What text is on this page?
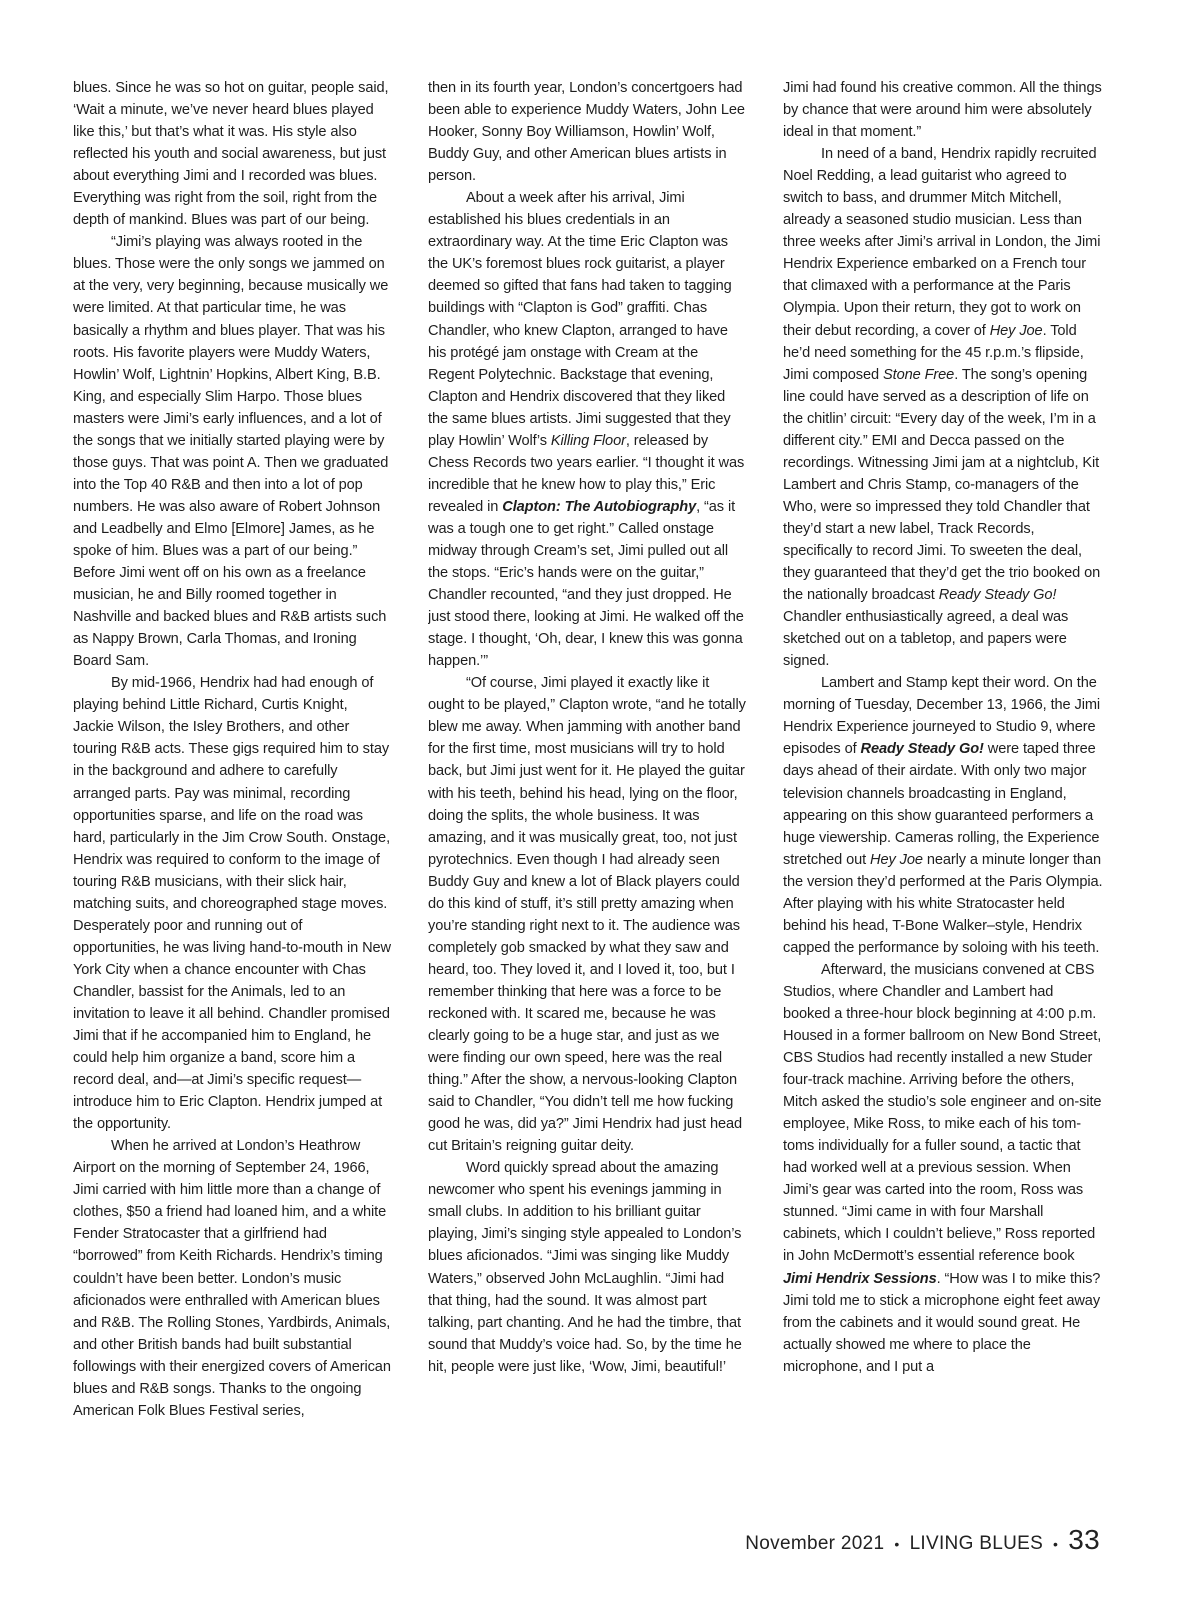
blues. Since he was so hot on guitar, people said, ‘Wait a minute, we’ve never heard blues played like this,’ but that’s what it was. His style also reflected his youth and social awareness, but just about everything Jimi and I recorded was blues. Everything was right from the soil, right from the depth of mankind. Blues was part of our being.

“Jimi’s playing was always rooted in the blues. Those were the only songs we jammed on at the very, very beginning, because musically we were limited. At that particular time, he was basically a rhythm and blues player. That was his roots. His favorite players were Muddy Waters, Howlin’ Wolf, Lightnin’ Hopkins, Albert King, B.B. King, and especially Slim Harpo. Those blues masters were Jimi’s early influences, and a lot of the songs that we initially started playing were by those guys. That was point A. Then we graduated into the Top 40 R&B and then into a lot of pop numbers. He was also aware of Robert Johnson and Leadbelly and Elmo [Elmore] James, as he spoke of him. Blues was a part of our being.” Before Jimi went off on his own as a freelance musician, he and Billy roomed together in Nashville and backed blues and R&B artists such as Nappy Brown, Carla Thomas, and Ironing Board Sam.

By mid-1966, Hendrix had had enough of playing behind Little Richard, Curtis Knight, Jackie Wilson, the Isley Brothers, and other touring R&B acts. These gigs required him to stay in the background and adhere to carefully arranged parts. Pay was minimal, recording opportunities sparse, and life on the road was hard, particularly in the Jim Crow South. Onstage, Hendrix was required to conform to the image of touring R&B musicians, with their slick hair, matching suits, and choreographed stage moves. Desperately poor and running out of opportunities, he was living hand-to-mouth in New York City when a chance encounter with Chas Chandler, bassist for the Animals, led to an invitation to leave it all behind. Chandler promised Jimi that if he accompanied him to England, he could help him organize a band, score him a record deal, and—at Jimi’s specific request—introduce him to Eric Clapton. Hendrix jumped at the opportunity.

When he arrived at London’s Heathrow Airport on the morning of September 24, 1966, Jimi carried with him little more than a change of clothes, $50 a friend had loaned him, and a white Fender Stratocaster that a girlfriend had “borrowed” from Keith Richards. Hendrix’s timing couldn’t have been better. London’s music aficionados were enthralled with American blues and R&B. The Rolling Stones, Yardbirds, Animals, and other British bands had built substantial followings with their energized covers of American blues and R&B songs. Thanks to the ongoing American Folk Blues Festival series,

then in its fourth year, London’s concertgoers had been able to experience Muddy Waters, John Lee Hooker, Sonny Boy Williamson, Howlin’ Wolf, Buddy Guy, and other American blues artists in person.

About a week after his arrival, Jimi established his blues credentials in an extraordinary way. At the time Eric Clapton was the UK’s foremost blues rock guitarist, a player deemed so gifted that fans had taken to tagging buildings with “Clapton is God” graffiti. Chas Chandler, who knew Clapton, arranged to have his protégé jam onstage with Cream at the Regent Polytechnic. Backstage that evening, Clapton and Hendrix discovered that they liked the same blues artists. Jimi suggested that they play Howlin’ Wolf’s Killing Floor, released by Chess Records two years earlier. “I thought it was incredible that he knew how to play this,” Eric revealed in Clapton: The Autobiography, “as it was a tough one to get right.” Called onstage midway through Cream’s set, Jimi pulled out all the stops. “Eric’s hands were on the guitar,” Chandler recounted, “and they just dropped. He just stood there, looking at Jimi. He walked off the stage. I thought, ‘Oh, dear, I knew this was gonna happen.’”

“Of course, Jimi played it exactly like it ought to be played,” Clapton wrote, “and he totally blew me away. When jamming with another band for the first time, most musicians will try to hold back, but Jimi just went for it. He played the guitar with his teeth, behind his head, lying on the floor, doing the splits, the whole business. It was amazing, and it was musically great, too, not just pyrotechnics. Even though I had already seen Buddy Guy and knew a lot of Black players could do this kind of stuff, it’s still pretty amazing when you’re standing right next to it. The audience was completely gob smacked by what they saw and heard, too. They loved it, and I loved it, too, but I remember thinking that here was a force to be reckoned with. It scared me, because he was clearly going to be a huge star, and just as we were finding our own speed, here was the real thing.” After the show, a nervous-looking Clapton said to Chandler, “You didn’t tell me how fucking good he was, did ya?” Jimi Hendrix had just head cut Britain’s reigning guitar deity.

Word quickly spread about the amazing newcomer who spent his evenings jamming in small clubs. In addition to his brilliant guitar playing, Jimi’s singing style appealed to London’s blues aficionados. “Jimi was singing like Muddy Waters,” observed John McLaughlin. “Jimi had that thing, had the sound. It was almost part talking, part chanting. And he had the timbre, that sound that Muddy’s voice had. So, by the time he hit, people were just like, ‘Wow, Jimi, beautiful!’

Jimi had found his creative common. All the things by chance that were around him were absolutely ideal in that moment.”

In need of a band, Hendrix rapidly recruited Noel Redding, a lead guitarist who agreed to switch to bass, and drummer Mitch Mitchell, already a seasoned studio musician. Less than three weeks after Jimi’s arrival in London, the Jimi Hendrix Experience embarked on a French tour that climaxed with a performance at the Paris Olympia. Upon their return, they got to work on their debut recording, a cover of Hey Joe. Told he’d need something for the 45 r.p.m.’s flipside, Jimi composed Stone Free. The song’s opening line could have served as a description of life on the chitlin’ circuit: “Every day of the week, I’m in a different city.” EMI and Decca passed on the recordings. Witnessing Jimi jam at a nightclub, Kit Lambert and Chris Stamp, co-managers of the Who, were so impressed they told Chandler that they’d start a new label, Track Records, specifically to record Jimi. To sweeten the deal, they guaranteed that they’d get the trio booked on the nationally broadcast Ready Steady Go! Chandler enthusiastically agreed, a deal was sketched out on a tabletop, and papers were signed.

Lambert and Stamp kept their word. On the morning of Tuesday, December 13, 1966, the Jimi Hendrix Experience journeyed to Studio 9, where episodes of Ready Steady Go! were taped three days ahead of their airdate. With only two major television channels broadcasting in England, appearing on this show guaranteed performers a huge viewership. Cameras rolling, the Experience stretched out Hey Joe nearly a minute longer than the version they’d performed at the Paris Olympia. After playing with his white Stratocaster held behind his head, T-Bone Walker–style, Hendrix capped the performance by soloing with his teeth.

Afterward, the musicians convened at CBS Studios, where Chandler and Lambert had booked a three-hour block beginning at 4:00 p.m. Housed in a former ballroom on New Bond Street, CBS Studios had recently installed a new Studer four-track machine. Arriving before the others, Mitch asked the studio’s sole engineer and on-site employee, Mike Ross, to mike each of his tom-toms individually for a fuller sound, a tactic that had worked well at a previous session. When Jimi’s gear was carted into the room, Ross was stunned. “Jimi came in with four Marshall cabinets, which I couldn’t believe,” Ross reported in John McDermott’s essential reference book Jimi Hendrix Sessions. “How was I to mike this? Jimi told me to stick a microphone eight feet away from the cabinets and it would sound great. He actually showed me where to place the microphone, and I put a

November 2021 • LIVING BLUES • 33
